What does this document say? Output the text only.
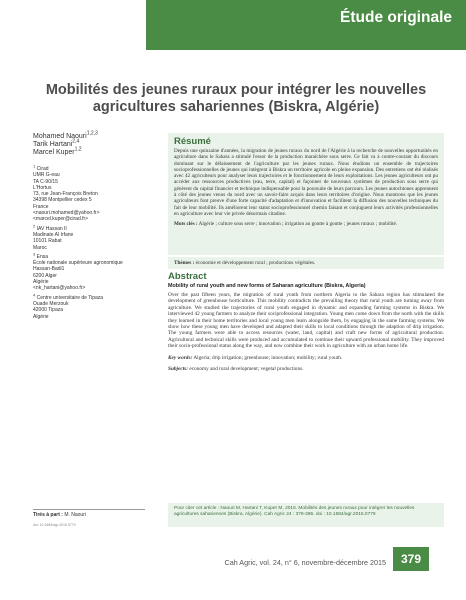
Étude originale
Mobilités des jeunes ruraux pour intégrer les nouvelles
agricultures sahariennes (Biskra, Algérie)
Mohamed Naouri$^{1,2,3}$
Tarik Hartani$^{2,4}$
Marcel Kuper$^{1,2}$
$^1$ Cirad
UMR G-eau
TA C-90/15
L'Hortus
73, rue Jean-François Breton
34398 Montpellier cedex 5
France
<naouri.mohamed@yahoo.fr>
<marcel.kuper@cirad.fr>
$^2$ IAV Hassan II
Madinate Al Irfane
10101 Rabat
Maroc
$^3$ Ensa
École nationale supérieure agronomique
Hassan-Badi1
6200 Alger
Algérie
<nk_hartani@yahoo.fr>
$^4$ Centre universitaire de Tipaza
Ouade Merzouk
42000 Tipaza
Algérie
Résumé
Depuis une quinzaine d'années, la migration de jeunes ruraux du nord de l'Algérie à la recherche de nouvelles opportunités en agriculture dans le Sahara a stimulé l'essor de la production maraîchère sous serre. Ce fait va à contre-courant du discours dominant sur le délaissement de l'agriculture par les jeunes ruraux. Nous étudions un ensemble de trajectoires socioprofessionnelles de jeunes qui intègrent à Biskra un territoire agricole en pleine expansion. Des entretiens ont été réalisés avec 42 agriculteurs pour analyser leurs trajectoires et le fonctionnement de leurs exploitations. Les jeunes agriculteurs ont pu accéder aux ressources productives (eau, terre, capital) et façonner de nouveaux systèmes de production sous serre qui génèrent du capital financier et technique indispensable pour la poursuite de leurs parcours. Les jeunes autochtones apprennent à côté des jeunes venus du nord avec un savoir-faire acquis dans leurs territoires d'origine. Nous montrons que les jeunes agriculteurs font preuve d'une forte capacité d'adaptation et d'innovation et facilitent la diffusion des nouvelles techniques du fait de leur mobilité. Ils améliorent leur statut socioprofessionnel chemin faisant et conjuguent leurs activités professionnelles en agriculture avec leur vie privée désormais citadine.
Mots clés : Algérie ; culture sous serre ; innovation ; irrigation au goutte à goutte ; jeunes ruraux ; mobilité.
Thèmes : économie et développement rural ; productions végétales.
Abstract
Mobility of rural youth and new forms of Saharan agriculture (Biskra, Algeria)
Over the past fifteen years, the migration of rural youth from northern Algeria to the Sahara region has stimulated the development of greenhouse horticulture. This mobility contradicts the prevailing theory that rural youth are turning away from agriculture. We studied the trajectories of rural youth engaged in dynamic and expanding farming systems in Biskra. We interviewed 42 young farmers to analyze their sociprofessional integration. Young men come down from the north with the skills they learned in their home territories and local young men learn alongside them, by engaging in the same farming systems. We show how these young men have developed and adapted their skills to local conditions through the adaption of drip irrigation. The young farmers were able to access resources (water, land, capital) and craft new forms of agricultural production. Agricultural and technical skills were produced and accumulated to continue their upward professional mobility. They improved their socio-professional status along the way, and now combine their work in agriculture with an urban home life.
Key words: Algeria; drip irrigation; greenhouse; innovation; mobility; rural youth.
Subjects: economy and rural development; vegetal productions.
Tirés à part : M. Naouri
doi: 10.1684/agr.2015.0779
Pour citer cet article : Naouri M, Hartani T, Kuper M, 2015. Mobilités des jeunes ruraux pour intégrer les nouvelles agricultures sahariennes (Biskra, Algérie). Cah Agric 24 : 379-386. doi : 10.1684/agr.2015.0779
Cah Agric, vol. 24, n° 6, novembre-décembre 2015	379
